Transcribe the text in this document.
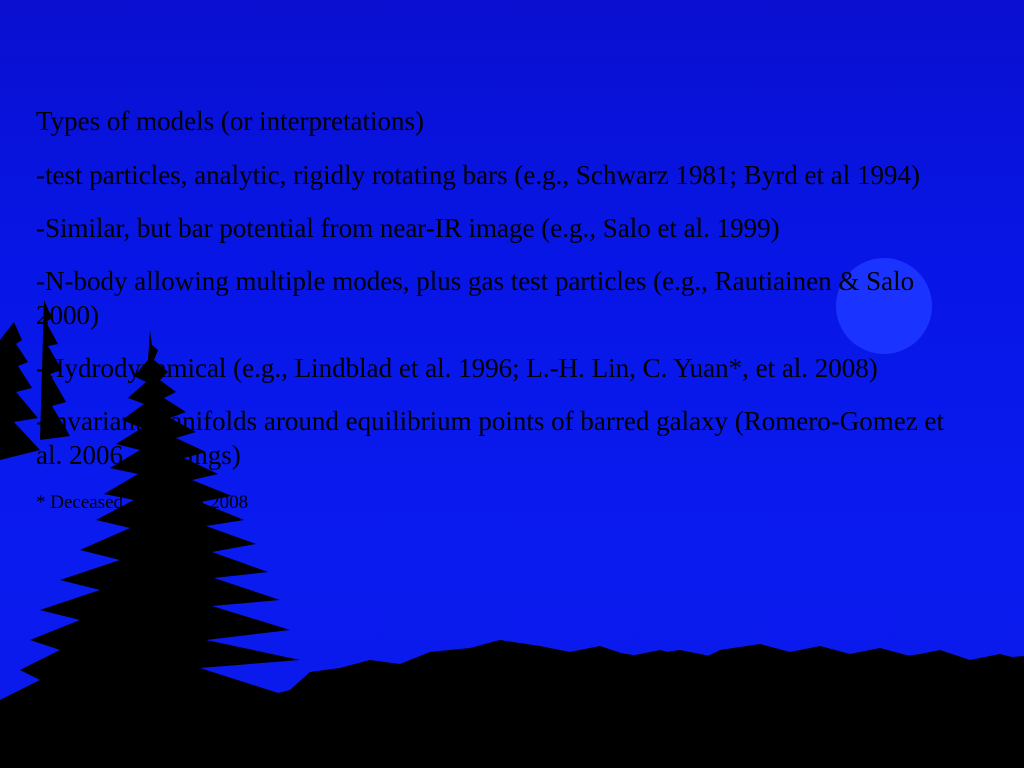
Types of models (or interpretations)

-test particles, analytic, rigidly rotating bars (e.g., Schwarz 1981; Byrd et al 1994)

-Similar, but bar potential from near-IR image (e.g., Salo et al. 1999)

-N-body allowing multiple modes, plus gas test particles (e.g., Rautiainen & Salo 2000)

-Hydrodynamical (e.g., Lindblad et al. 1996; L.-H. Lin, C. Yuan*, et al. 2008)

-Invariant manifolds around equilibrium points of barred galaxy (Romero-Gomez et al. 2006, $rR_1$ rings)

* Deceased 24 August 2008
